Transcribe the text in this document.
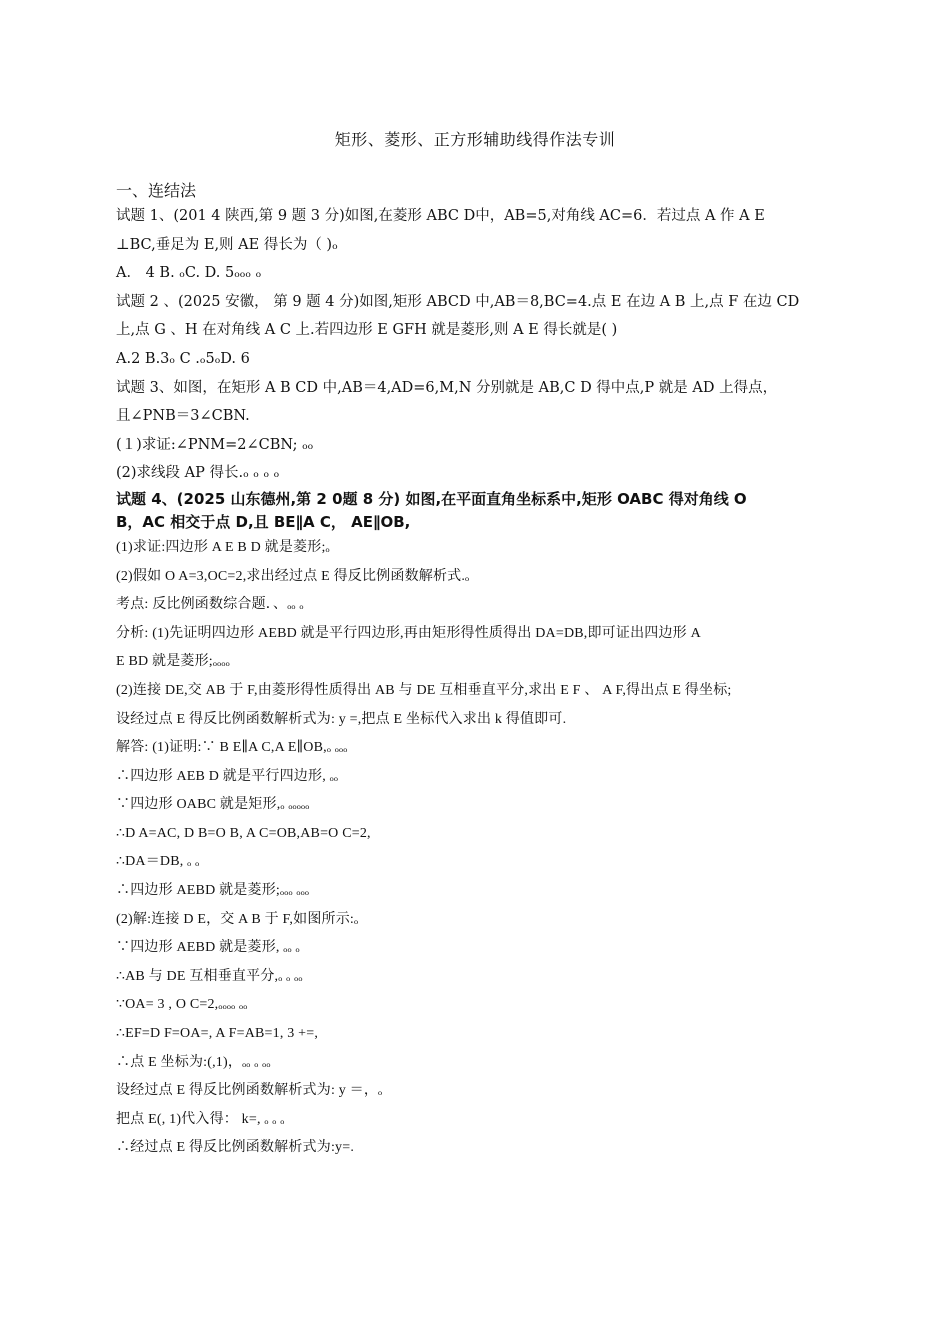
矩形、菱形、正方形辅助线得作法专训
一、连结法
试题 1、(201 4 陕西,第 9 题 3 分)如图,在菱形 ABC D中，AB=5,对角线 AC=6．若过点 A 作 A E
⊥BC,垂足为 E,则 AE 得长为（ )ₒ
A． 4 B. ₒC. D. 5ₒₒₒ ₒ
试题 2 、(2025 安徽， 第 9 题 4 分)如图,矩形 ABCD 中,AB＝8,BC=4.点 E 在边 A B 上,点 F 在边 CD
上,点 G 、H 在对角线 A C 上.若四边形 E GFH 就是菱形,则 A E 得长就是( )
A.2 B.3ₒ C .ₒ5ₒD. 6
试题 3、如图，在矩形 A B CD 中,AB＝4,AD=6,M,N 分别就是 AB,C D 得中点,P 就是 AD 上得点，
且∠PNB＝3∠CBN.
(１)求证:∠PNM=2∠CBN; ₒₒ
(2)求线段 AP 得长.ₒ ₒ ₒ ₒ
试题 4、(2025 山东德州,第 2 0题 8 分) 如图,在平面直角坐标系中,矩形 OABC 得对角线 O
B，AC 相交于点 D,且 BE∥A C， AE∥OB,
(1)求证:四边形 A E B D 就是菱形;ₒ
(2)假如 O A=3,OC=2,求出经过点 E 得反比例函数解析式.ₒ
考点: 反比例函数综合题．、ₒₒ ₒ
分析: (1)先证明四边形 AEBD 就是平行四边形,再由矩形得性质得出 DA=DB,即可证出四边形 A
E BD 就是菱形;ₒₒₒₒ
(2)连接 DE,交 AB 于 F,由菱形得性质得出 AB 与 DE 互相垂直平分,求出 E F 、 A F,得出点 E 得坐标;
设经过点 E 得反比例函数解析式为: y =,把点 E 坐标代入求出 k 得值即可.
解答: (1)证明:∵ B E∥A C,A E∥OB,ₒ ₒₒₒ
∴四边形 AEB D 就是平行四边形, ₒₒ
∵四边形 OABC 就是矩形,ₒ ₒₒₒₒₒ
∴D A=AC, D B=O B, A C=OB,AB=O C=2,
∴DA＝DB, ₒ ₒ
∴四边形 AEBD 就是菱形;ₒₒₒ ₒₒₒ
(2)解:连接 D E，交 A B 于 F,如图所示:ₒ
∵四边形 AEBD 就是菱形, ₒₒ ₒ
∴AB 与 DE 互相垂直平分,ₒ ₒ ₒₒ
∵OA= 3 , O C=2,ₒₒₒₒ ₒₒ
∴EF=D F=OA=, A F=AB=1, 3 +=,
∴点 E 坐标为:(,1)，ₒₒ ₒ ₒₒ
设经过点 E 得反比例函数解析式为: y ＝，ₒ
把点 E(, 1)代入得： k=, ₒ ₒ ₒ
∴经过点 E 得反比例函数解析式为:y=.
